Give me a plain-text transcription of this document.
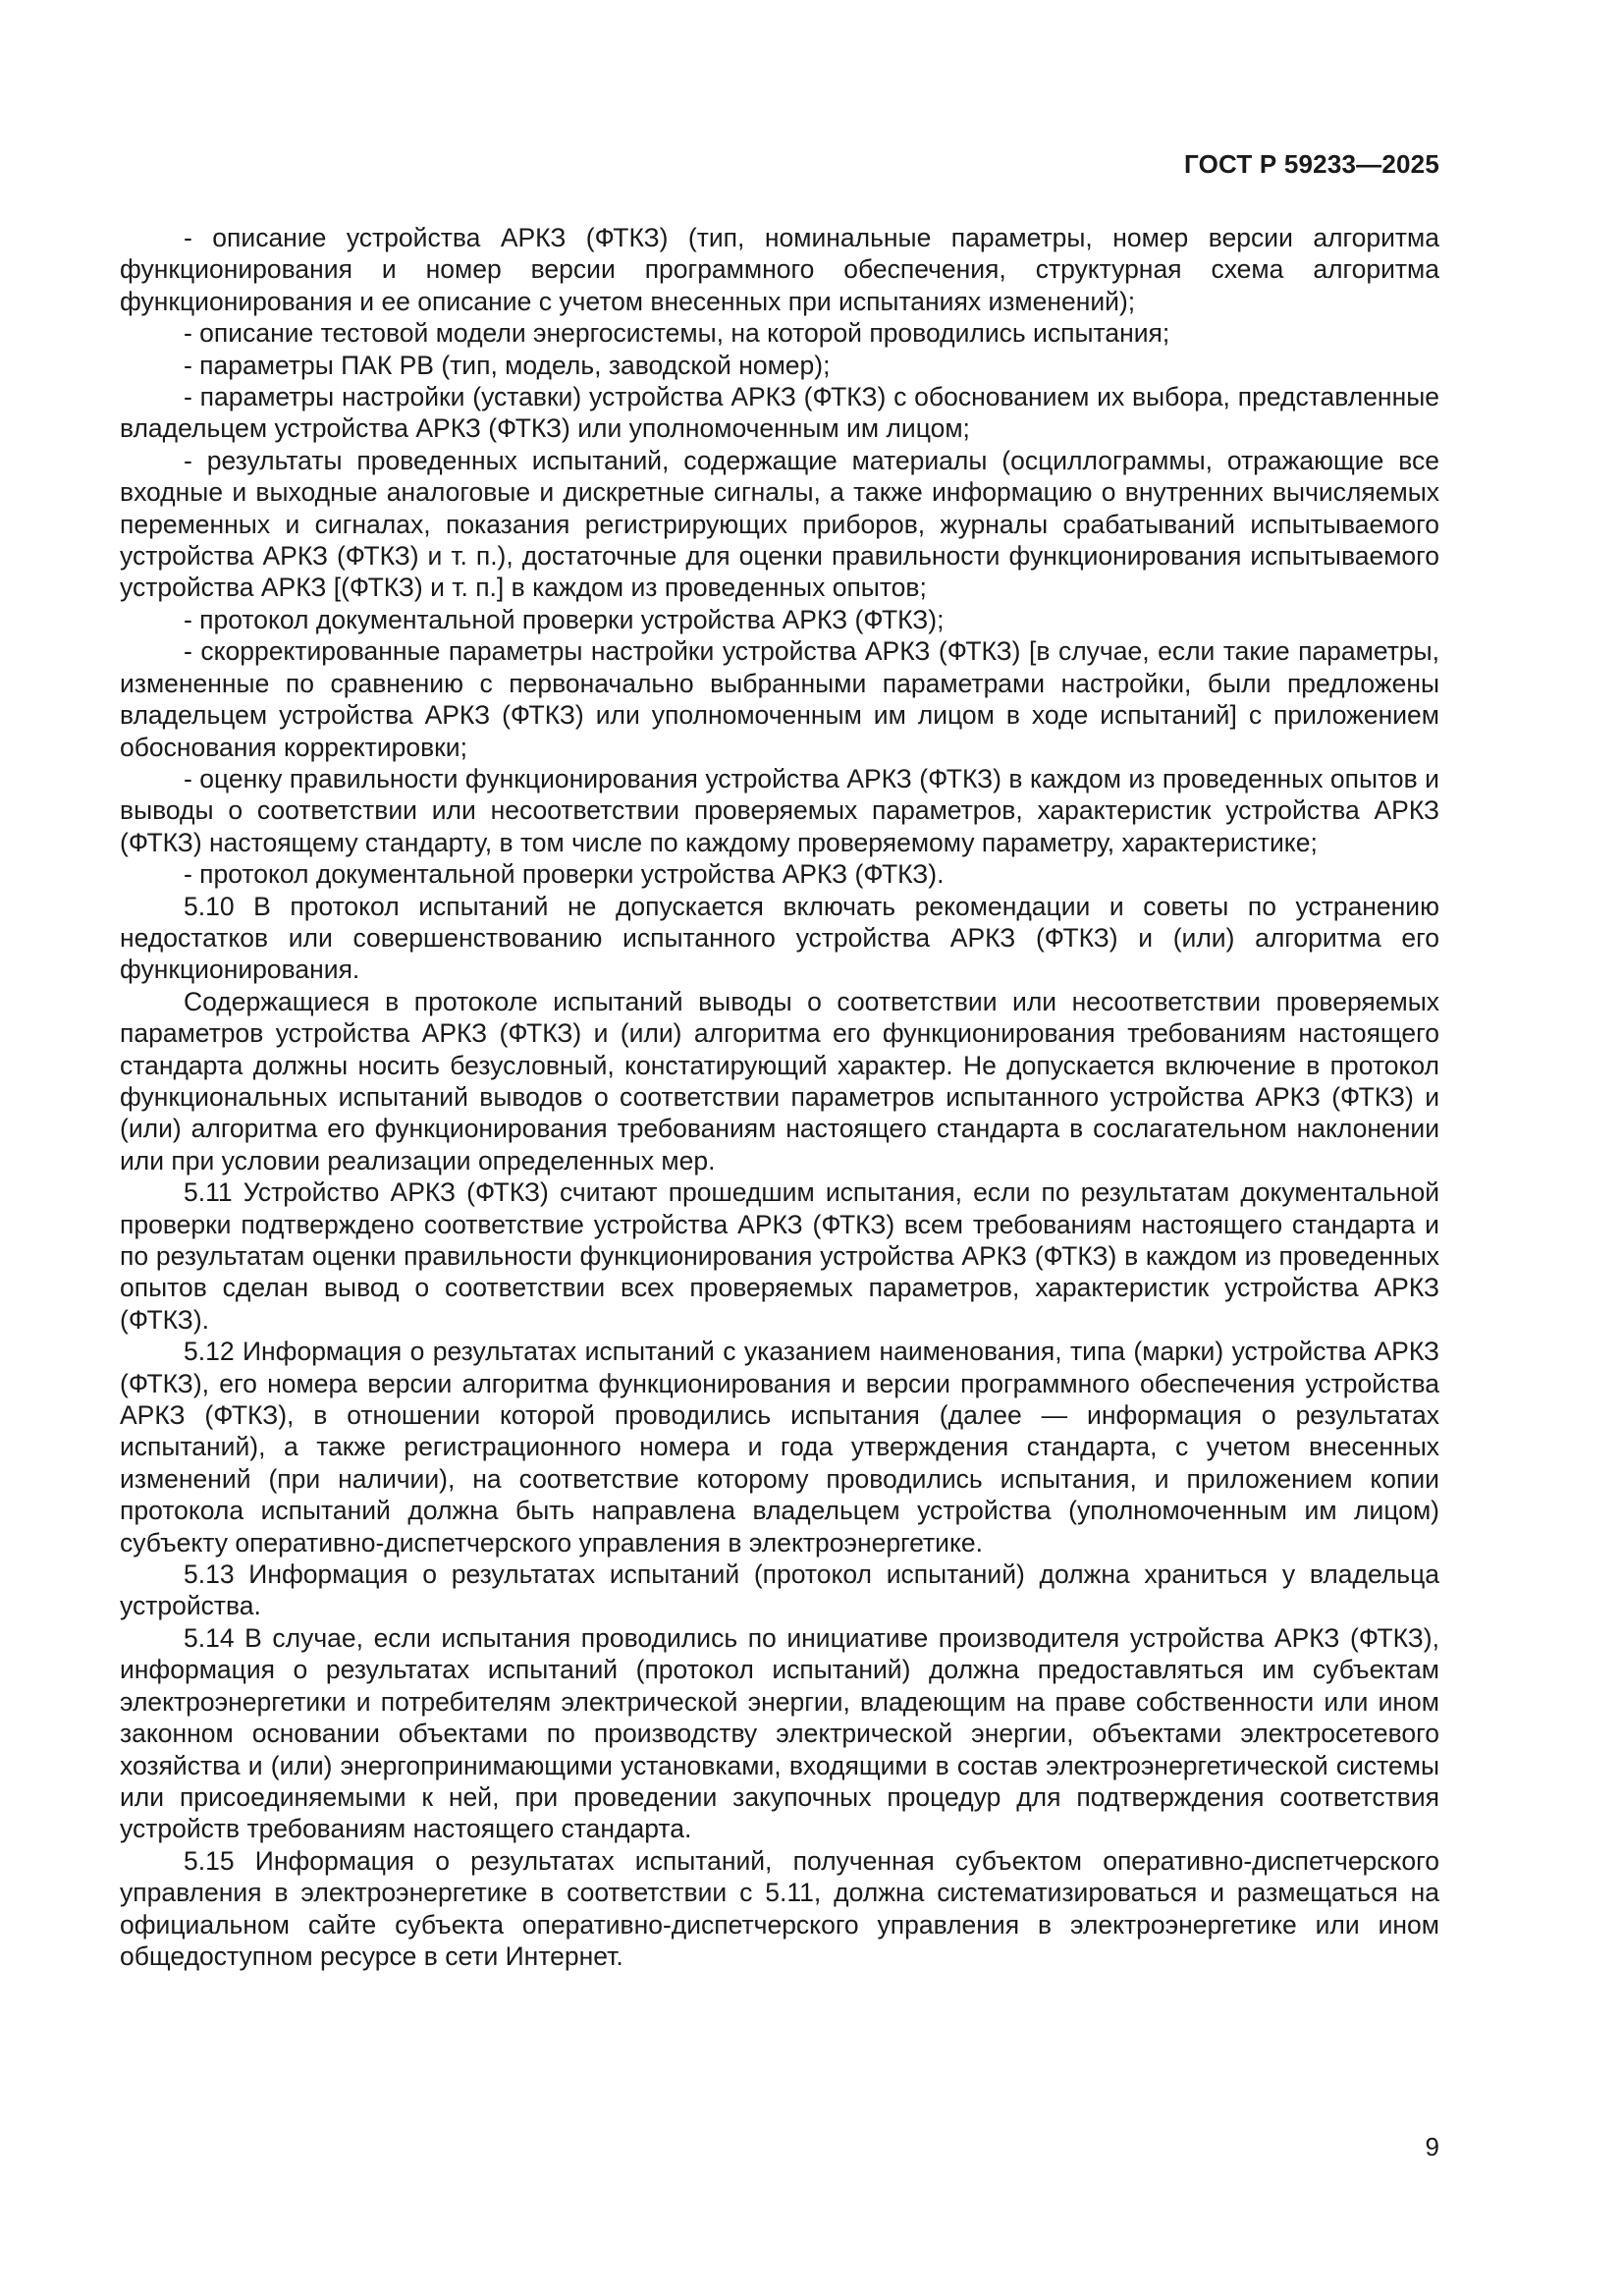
ГОСТ Р 59233—2025

- описание устройства АРКЗ (ФТКЗ) (тип, номинальные параметры, номер версии алгоритма функционирования и номер версии программного обеспечения, структурная схема алгоритма функционирования и ее описание с учетом внесенных при испытаниях изменений);

- описание тестовой модели энергосистемы, на которой проводились испытания;

- параметры ПАК РВ (тип, модель, заводской номер);

- параметры настройки (уставки) устройства АРКЗ (ФТКЗ) с обоснованием их выбора, представленные владельцем устройства АРКЗ (ФТКЗ) или уполномоченным им лицом;

- результаты проведенных испытаний, содержащие материалы (осциллограммы, отражающие все входные и выходные аналоговые и дискретные сигналы, а также информацию о внутренних вычисляемых переменных и сигналах, показания регистрирующих приборов, журналы срабатываний испытываемого устройства АРКЗ (ФТКЗ) и т. п.), достаточные для оценки правильности функционирования испытываемого устройства АРКЗ [(ФТКЗ) и т. п.] в каждом из проведенных опытов;

- протокол документальной проверки устройства АРКЗ (ФТКЗ);

- скорректированные параметры настройки устройства АРКЗ (ФТКЗ) [в случае, если такие параметры, измененные по сравнению с первоначально выбранными параметрами настройки, были предложены владельцем устройства АРКЗ (ФТКЗ) или уполномоченным им лицом в ходе испытаний] с приложением обоснования корректировки;

- оценку правильности функционирования устройства АРКЗ (ФТКЗ) в каждом из проведенных опытов и выводы о соответствии или несоответствии проверяемых параметров, характеристик устройства АРКЗ (ФТКЗ) настоящему стандарту, в том числе по каждому проверяемому параметру, характеристике;

- протокол документальной проверки устройства АРКЗ (ФТКЗ).

5.10 В протокол испытаний не допускается включать рекомендации и советы по устранению недостатков или совершенствованию испытанного устройства АРКЗ (ФТКЗ) и (или) алгоритма его функционирования.

Содержащиеся в протоколе испытаний выводы о соответствии или несоответствии проверяемых параметров устройства АРКЗ (ФТКЗ) и (или) алгоритма его функционирования требованиям настоящего стандарта должны носить безусловный, констатирующий характер. Не допускается включение в протокол функциональных испытаний выводов о соответствии параметров испытанного устройства АРКЗ (ФТКЗ) и (или) алгоритма его функционирования требованиям настоящего стандарта в сослагательном наклонении или при условии реализации определенных мер.

5.11 Устройство АРКЗ (ФТКЗ) считают прошедшим испытания, если по результатам документальной проверки подтверждено соответствие устройства АРКЗ (ФТКЗ) всем требованиям настоящего стандарта и по результатам оценки правильности функционирования устройства АРКЗ (ФТКЗ) в каждом из проведенных опытов сделан вывод о соответствии всех проверяемых параметров, характеристик устройства АРКЗ (ФТКЗ).

5.12 Информация о результатах испытаний с указанием наименования, типа (марки) устройства АРКЗ (ФТКЗ), его номера версии алгоритма функционирования и версии программного обеспечения устройства АРКЗ (ФТКЗ), в отношении которой проводились испытания (далее — информация о результатах испытаний), а также регистрационного номера и года утверждения стандарта, с учетом внесенных изменений (при наличии), на соответствие которому проводились испытания, и приложением копии протокола испытаний должна быть направлена владельцем устройства (уполномоченным им лицом) субъекту оперативно-диспетчерского управления в электроэнергетике.

5.13 Информация о результатах испытаний (протокол испытаний) должна храниться у владельца устройства.

5.14 В случае, если испытания проводились по инициативе производителя устройства АРКЗ (ФТКЗ), информация о результатах испытаний (протокол испытаний) должна предоставляться им субъектам электроэнергетики и потребителям электрической энергии, владеющим на праве собственности или ином законном основании объектами по производству электрической энергии, объектами электросетевого хозяйства и (или) энергопринимающими установками, входящими в состав электроэнергетической системы или присоединяемыми к ней, при проведении закупочных процедур для подтверждения соответствия устройств требованиям настоящего стандарта.

5.15 Информация о результатах испытаний, полученная субъектом оперативно-диспетчерского управления в электроэнергетике в соответствии с 5.11, должна систематизироваться и размещаться на официальном сайте субъекта оперативно-диспетчерского управления в электроэнергетике или ином общедоступном ресурсе в сети Интернет.

9
